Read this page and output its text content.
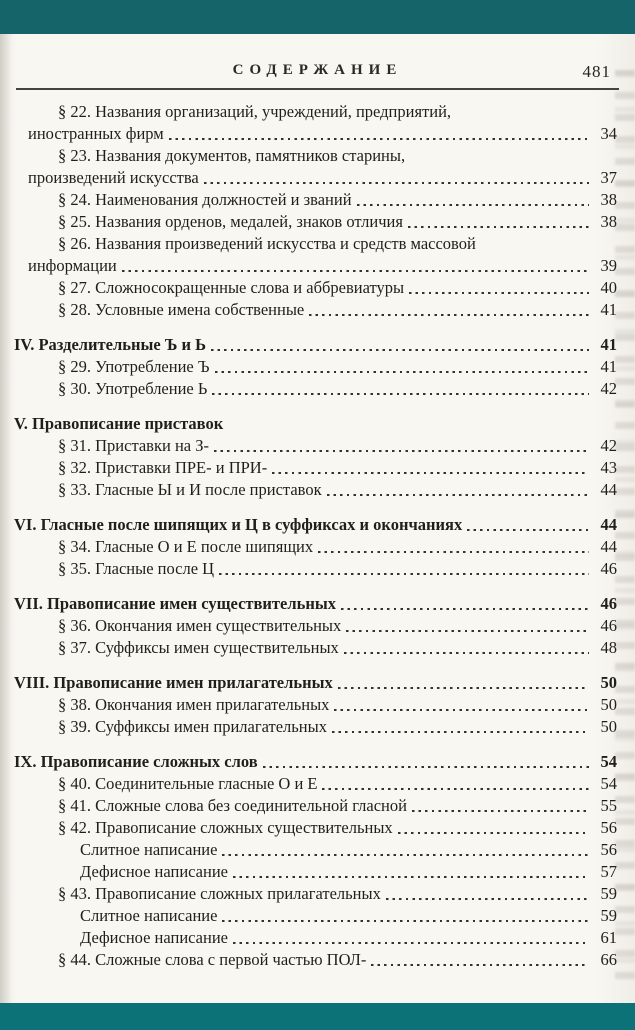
СОДЕРЖАНИЕ	481
§ 22. Названия организаций, учреждений, предприятий,
иностранных фирм	34
§ 23. Названия документов, памятников старины,
произведений искусства	37
§ 24. Наименования должностей и званий	38
§ 25. Названия орденов, медалей, знаков отличия	38
§ 26. Названия произведений искусства и средств массовой
информации	39
§ 27. Сложносокращенные слова и аббревиатуры	40
§ 28. Условные имена собственные	41
IV. Разделительные Ъ и Ь	41
§ 29. Употребление Ъ	41
§ 30. Употребление Ь	42
V. Правописание приставок
§ 31. Приставки на З-	42
§ 32. Приставки ПРЕ- и ПРИ-	43
§ 33. Гласные Ы и И после приставок	44
VI. Гласные после шипящих и Ц в суффиксах и окончаниях	44
§ 34. Гласные О и Е после шипящих	44
§ 35. Гласные после Ц	46
VII. Правописание имен существительных	46
§ 36. Окончания имен существительных	46
§ 37. Суффиксы имен существительных	48
VIII. Правописание имен прилагательных	50
§ 38. Окончания имен прилагательных	50
§ 39. Суффиксы имен прилагательных	50
IX. Правописание сложных слов	54
§ 40. Соединительные гласные О и Е	54
§ 41. Сложные слова без соединительной гласной	55
§ 42. Правописание сложных существительных	56
Слитное написание	56
Дефисное написание	57
§ 43. Правописание сложных прилагательных	59
Слитное написание	59
Дефисное написание	61
§ 44. Сложные слова с первой частью ПОЛ-	66
